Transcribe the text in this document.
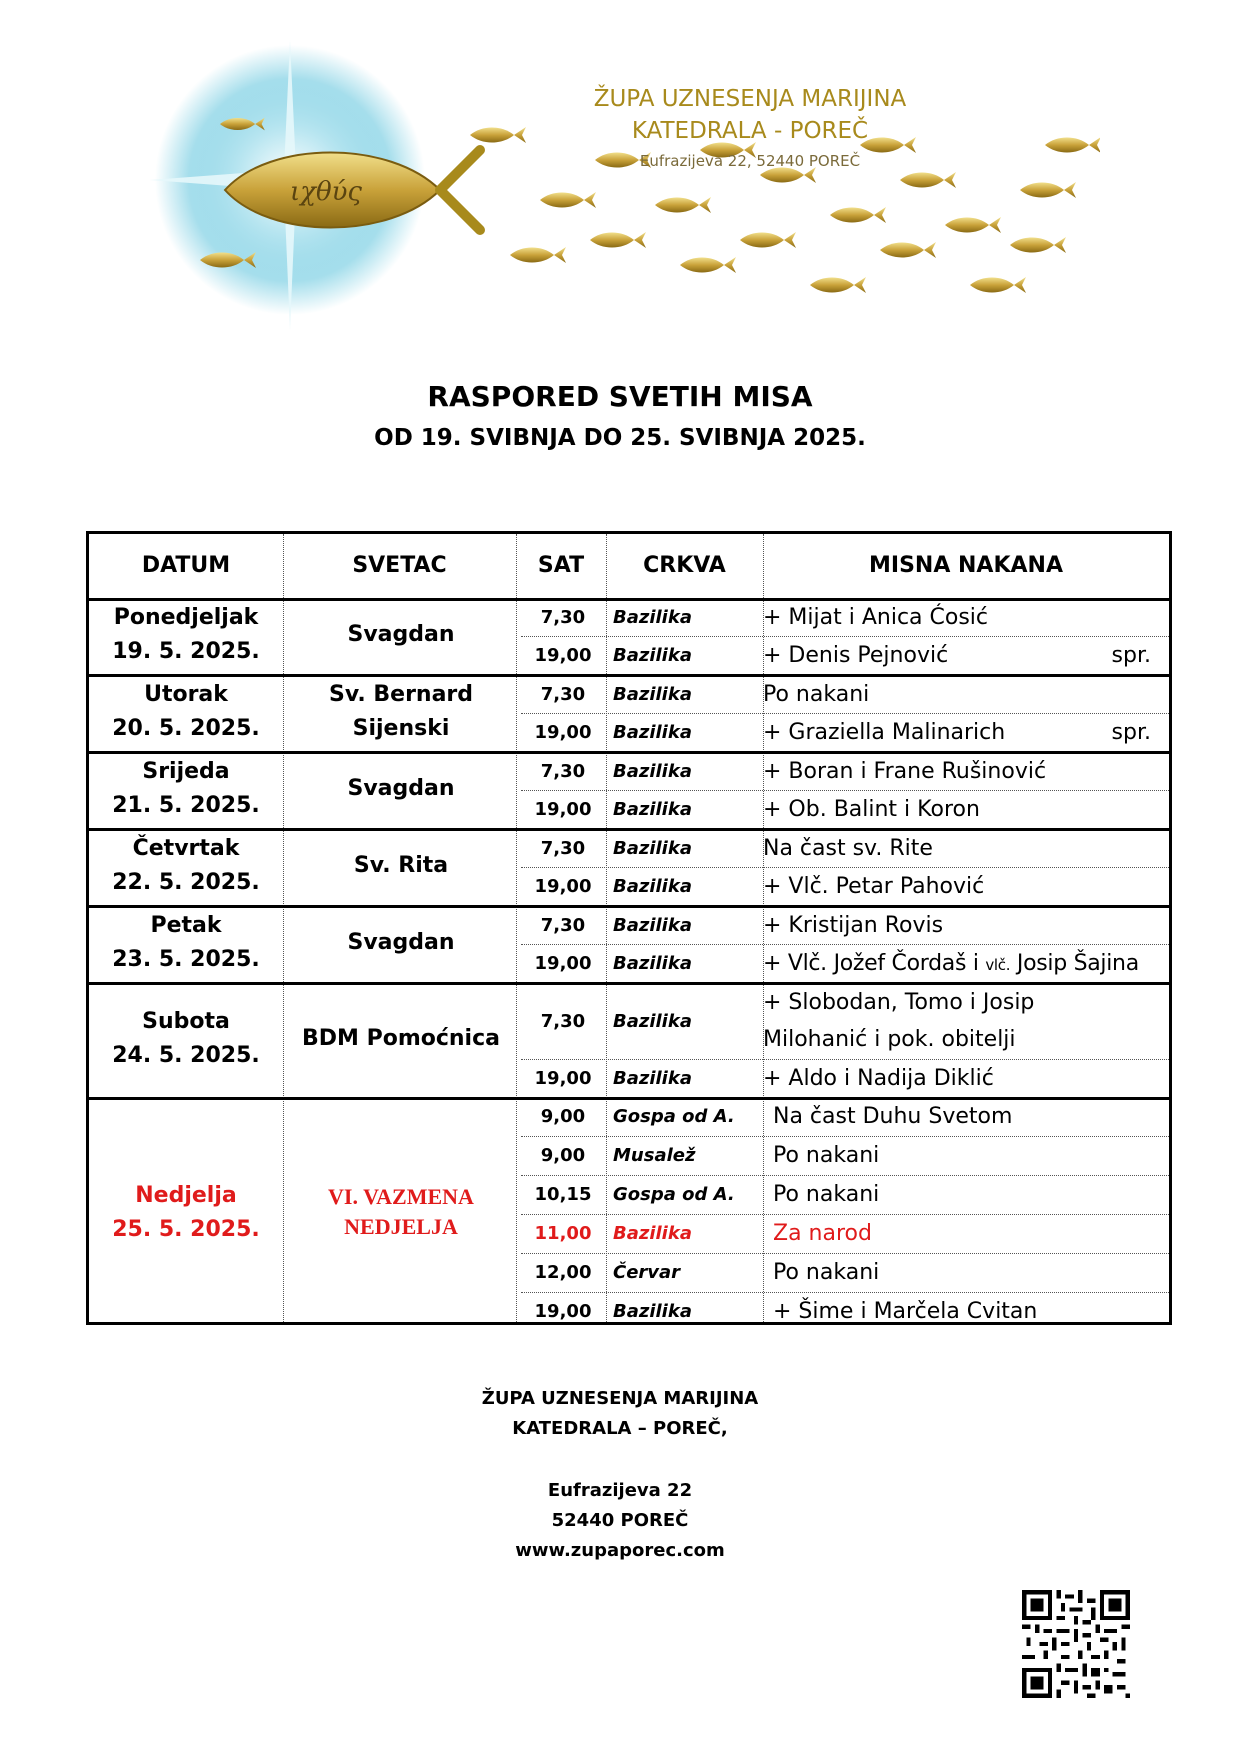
ιχθύς
ŽUPA UZNESENJA MARIJINA
KATEDRALA - POREČ
Eufrazijeva 22, 52440 POREČ
RASPORED SVETIH MISA
OD 19. SVIBNJA DO 25. SVIBNJA 2025.
DATUM	SVETAC	SAT	CRKVA	MISNA NAKANA
Ponedjeljak
19. 5. 2025.
Svagdan
7,30	Bazilika	+ Mijat i Anica Ćosić
19,00	Bazilika	+ Denis Pejnović	spr.
Utorak
20. 5. 2025.
Sv. Bernard
Sijenski
7,30	Bazilika	Po nakani
19,00	Bazilika	+ Graziella Malinarich	spr.
Srijeda
21. 5. 2025.
Svagdan
7,30	Bazilika	+ Boran i Frane Rušinović
19,00	Bazilika	+ Ob. Balint i Koron
Četvrtak
22. 5. 2025.
Sv. Rita
7,30	Bazilika	Na čast sv. Rite
19,00	Bazilika	+ Vlč. Petar Pahović
Petak
23. 5. 2025.
Svagdan
7,30	Bazilika	+ Kristijan Rovis
19,00	Bazilika	+ Vlč. Jožef Čordaš i vlč. Josip Šajina
Subota
24. 5. 2025.
BDM Pomoćnica
7,30	Bazilika
+ Slobodan, Tomo i Josip
Milohanić i pok. obitelji
19,00	Bazilika	+ Aldo i Nadija Diklić
Nedjelja
25. 5. 2025.
VI. VAZMENA
NEDJELJA
9,00	Gospa od A.	Na čast Duhu Svetom
9,00	Musalež	Po nakani
10,15	Gospa od A.	Po nakani
11,00	Bazilika	Za narod
12,00	Červar	Po nakani
19,00	Bazilika	+ Šime i Marčela Cvitan
ŽUPA UZNESENJA MARIJINA
KATEDRALA – POREČ,
Eufrazijeva 22
52440 POREČ
www.zupaporec.com
